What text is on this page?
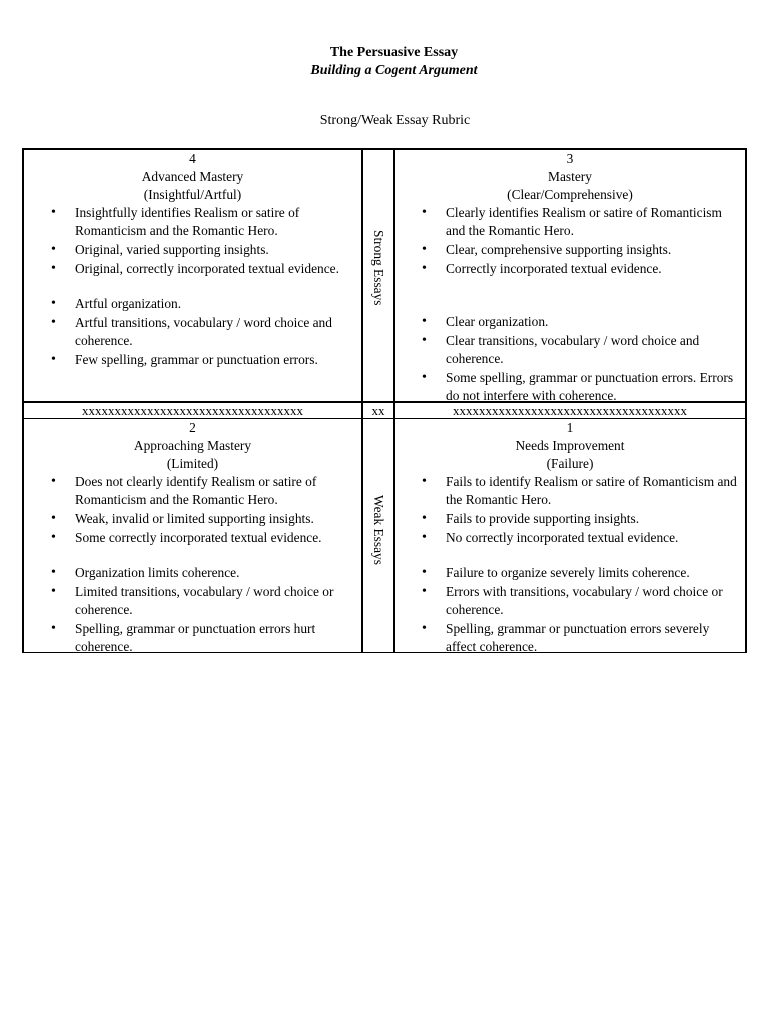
The Persuasive Essay
Building a Cogent Argument
Strong/Weak Essay Rubric
4
Advanced Mastery
(Insightful/Artful)
• Insightfully identifies Realism or satire of Romanticism and the Romantic Hero.
• Original, varied supporting insights.
• Original, correctly incorporated textual evidence.
• Artful organization.
• Artful transitions, vocabulary / word choice and coherence.
• Few spelling, grammar or punctuation errors.
Strong Essays
3
Mastery
(Clear/Comprehensive)
• Clearly identifies Realism or satire of Romanticism and the Romantic Hero.
• Clear, comprehensive supporting insights.
• Correctly incorporated textual evidence.
• Clear organization.
• Clear transitions, vocabulary / word choice and coherence.
• Some spelling, grammar or punctuation errors. Errors do not interfere with coherence.
xxxxxxxxxxxxxxxxxxxxxxxxxxxxxxxxxx	xx	xxxxxxxxxxxxxxxxxxxxxxxxxxxxxxxxxxxx
2
Approaching Mastery
(Limited)
• Does not clearly identify Realism or satire of Romanticism and the Romantic Hero.
• Weak, invalid or limited supporting insights.
• Some correctly incorporated textual evidence.
• Organization limits coherence.
• Limited transitions, vocabulary / word choice or coherence.
• Spelling, grammar or punctuation errors hurt coherence.
Weak Essays
1
Needs Improvement
(Failure)
• Fails to identify Realism or satire of Romanticism and the Romantic Hero.
• Fails to provide supporting insights.
• No correctly incorporated textual evidence.
• Failure to organize severely limits coherence.
• Errors with transitions, vocabulary / word choice or coherence.
• Spelling, grammar or punctuation errors severely affect coherence.
